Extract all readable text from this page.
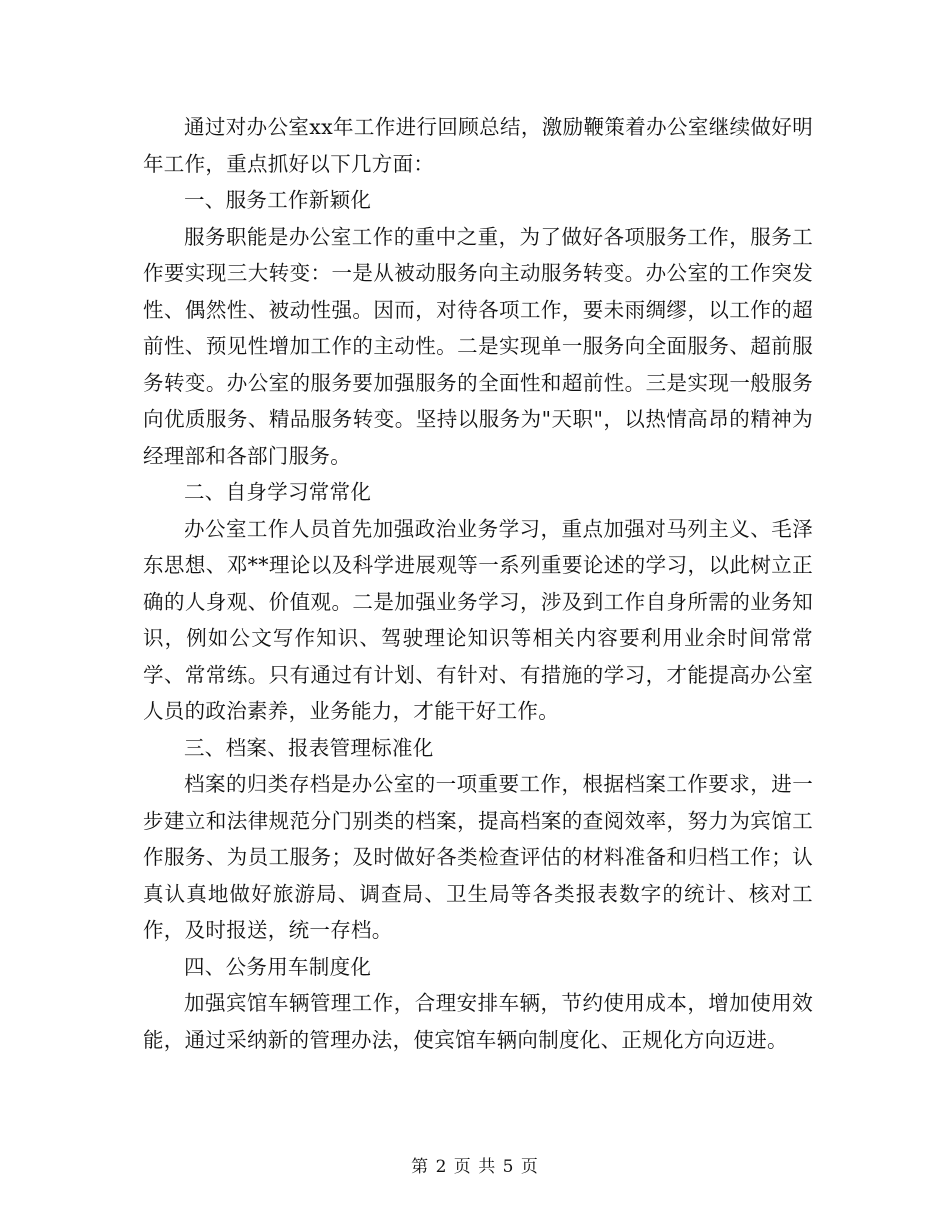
通过对办公室xx年工作进行回顾总结，激励鞭策着办公室继续做好明年工作，重点抓好以下几方面：

一、服务工作新颖化

服务职能是办公室工作的重中之重，为了做好各项服务工作，服务工作要实现三大转变：一是从被动服务向主动服务转变。办公室的工作突发性、偶然性、被动性强。因而，对待各项工作，要未雨绸缪，以工作的超前性、预见性增加工作的主动性。二是实现单一服务向全面服务、超前服务转变。办公室的服务要加强服务的全面性和超前性。三是实现一般服务向优质服务、精品服务转变。坚持以服务为"天职"，以热情高昂的精神为经理部和各部门服务。

二、自身学习常常化

办公室工作人员首先加强政治业务学习，重点加强对马列主义、毛泽东思想、邓**理论以及科学进展观等一系列重要论述的学习，以此树立正确的人身观、价值观。二是加强业务学习，涉及到工作自身所需的业务知识，例如公文写作知识、驾驶理论知识等相关内容要利用业余时间常常学、常常练。只有通过有计划、有针对、有措施的学习，才能提高办公室人员的政治素养，业务能力，才能干好工作。

三、档案、报表管理标准化

档案的归类存档是办公室的一项重要工作，根据档案工作要求，进一步建立和法律规范分门别类的档案，提高档案的查阅效率，努力为宾馆工作服务、为员工服务；及时做好各类检查评估的材料准备和归档工作；认真认真地做好旅游局、调查局、卫生局等各类报表数字的统计、核对工作，及时报送，统一存档。

四、公务用车制度化

加强宾馆车辆管理工作，合理安排车辆，节约使用成本，增加使用效能，通过采纳新的管理办法，使宾馆车辆向制度化、正规化方向迈进。

第 2 页 共 5 页
